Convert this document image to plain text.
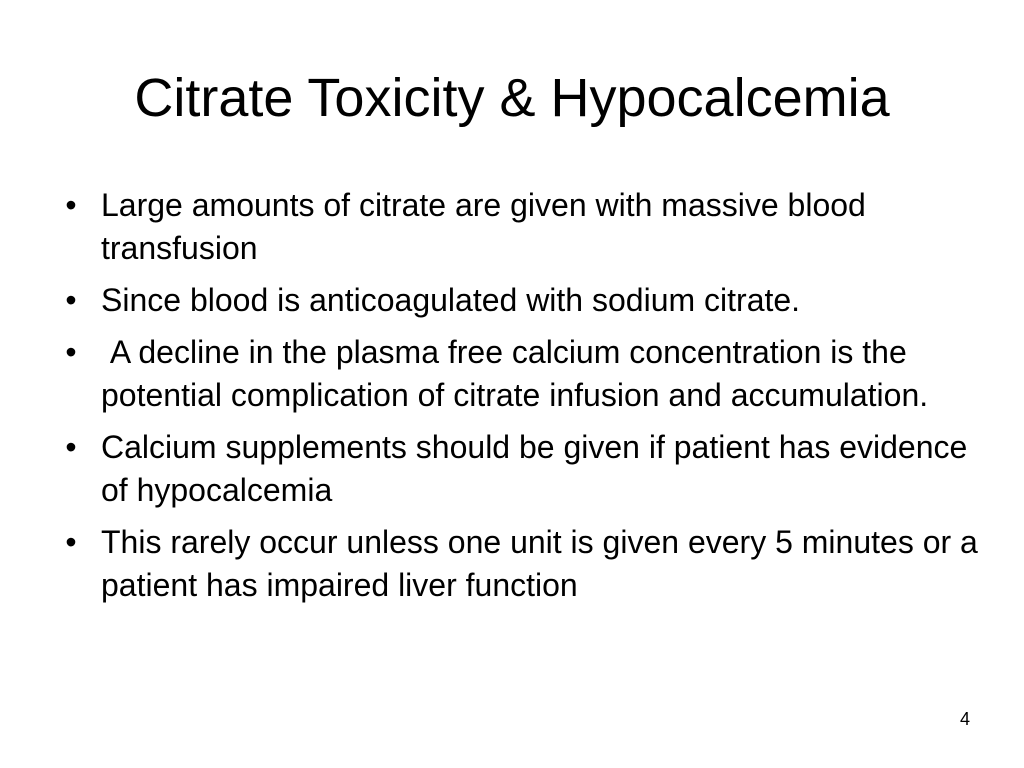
Citrate Toxicity & Hypocalcemia
• Large amounts of citrate are given with massive blood transfusion
• Since blood is anticoagulated with sodium citrate.
• A decline in the plasma free calcium concentration is the potential complication of citrate infusion and accumulation.
• Calcium supplements should be given if patient has evidence of hypocalcemia
• This rarely occur unless one unit is given every 5 minutes or a patient has impaired liver function
4
